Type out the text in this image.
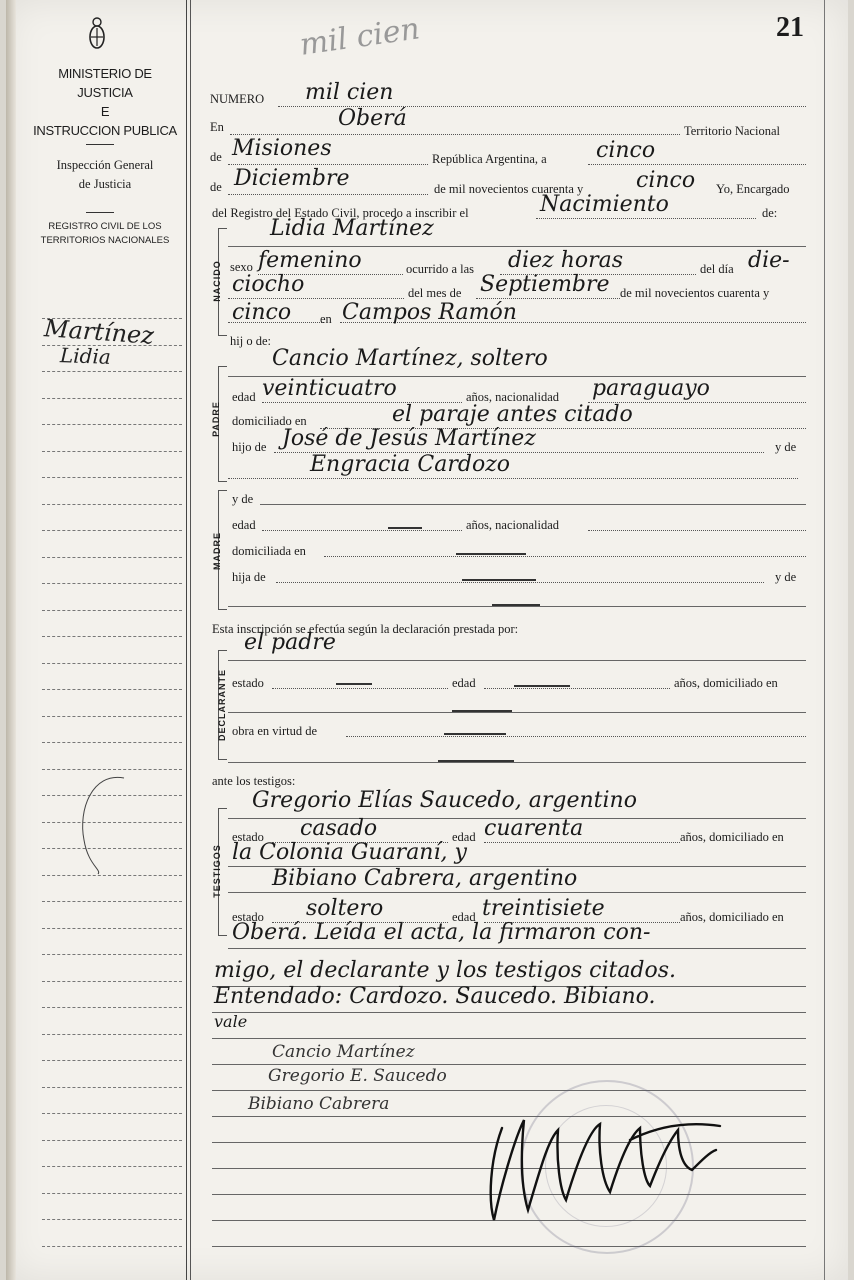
MINISTERIO DE JUSTICIA
E
INSTRUCCION PUBLICA
Inspección General
de Justicia
REGISTRO CIVIL DE LOS
TERRITORIOS NACIONALES
Martínez
Lidia
21
mil cien
NUMERO mil cien
En	Oberá	Territorio Nacional
de Misiones	República Argentina, a cinco
de Diciembre	de mil novecientos cuarenta y cinco Yo, Encargado
del Registro del Estado Civil, procedo a inscribir el	Nacimiento	de:
NACIDO
Lidia Martínez
sexo femenino	ocurrido a las diez horas	del día die-
ciocho	del mes de Septiembre de mil novecientos cuarenta y
cinco en Campos Ramón
hij o de:
PADRE
Cancio Martínez, soltero
edad veinticuatro	años, nacionalidad paraguayo
domiciliado en	el paraje antes citado
hijo de José de Jesús Martínez	y de
Engracia Cardozo
MADRE
y de
edad	años, nacionalidad
domiciliada en
hija de	y de
Esta inscripción se efectúa según la declaración prestada por:
DECLARANTE
el padre
estado	edad	años, domiciliado en
obra en virtud de
ante los testigos:
TESTIGOS
Gregorio Elías Saucedo, argentino
estado casado	edad cuarenta	años, domiciliado en
la Colonia Guaraní, y
Bibiano Cabrera, argentino
estado soltero	edad treintisiete	años, domiciliado en
Oberá. Leída el acta, la firmaron con-
migo, el declarante y los testigos citados.
Entendado: Cardozo. Saucedo. Bibiano.
vale
Cancio Martínez
Gregorio E. Saucedo
Bibiano Cabrera
